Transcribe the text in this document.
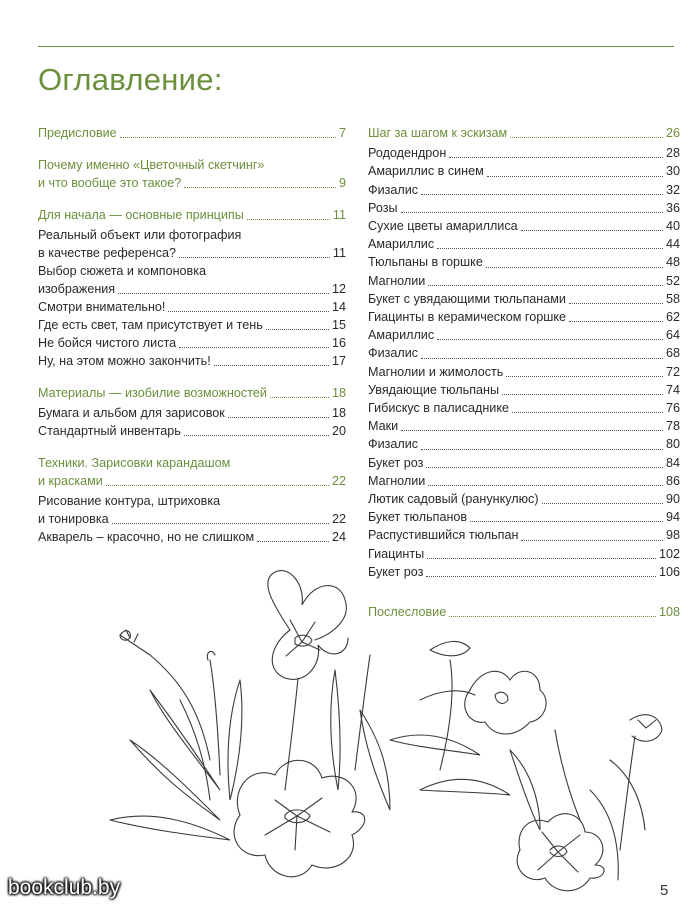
Оглавление:
Предисловие	7
Почему именно «Цветочный скетчинг»
и что вообще это такое?	9
Для начала — основные принципы	11
Реальный объект или фотография
в качестве референса?	11
Выбор сюжета и компоновка
изображения	12
Смотри внимательно!	14
Где есть свет, там присутствует и тень	15
Не бойся чистого листа	16
Ну, на этом можно закончить!	17
Материалы — изобилие возможностей	18
Бумага и альбом для зарисовок	18
Стандартный инвентарь	20
Техники. Зарисовки карандашом
и красками	22
Рисование контура, штриховка
и тонировка	22
Акварель – красочно, но не слишком	24
Шаг за шагом к эскизам	26
Рододендрон	28
Амариллис в синем	30
Физалис	32
Розы	36
Сухие цветы амариллиса	40
Амариллис	44
Тюльпаны в горшке	48
Магнолии	52
Букет с увядающими тюльпанами	58
Гиацинты в керамическом горшке	62
Амариллис	64
Физалис	68
Магнолии и жимолость	72
Увядающие тюльпаны	74
Гибискус в палисаднике	76
Маки	78
Физалис	80
Букет роз	84
Магнолии	86
Лютик садовый (ранункулюс)	90
Букет тюльпанов	94
Распустившийся тюльпан	98
Гиацинты	102
Букет роз	106
Послесловие	108
bookclub.by	5
